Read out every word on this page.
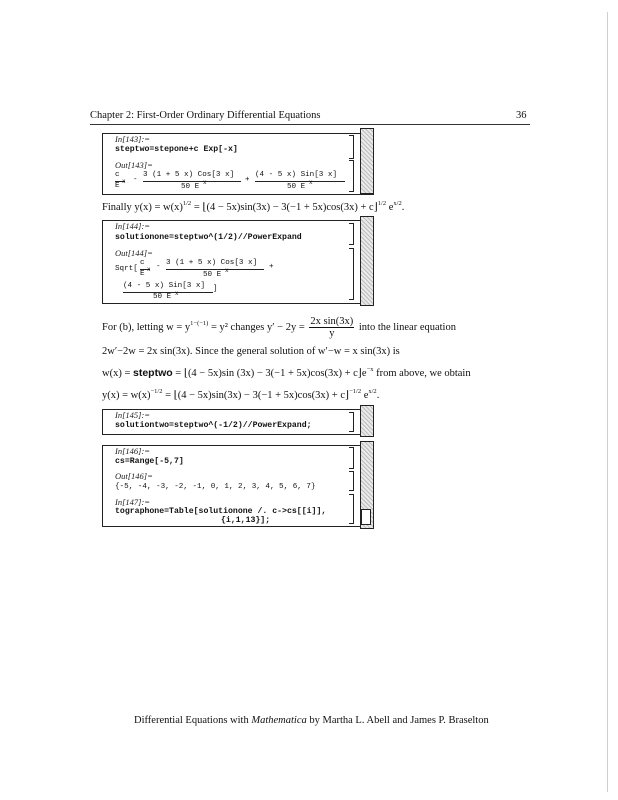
Chapter 2: First-Order Ordinary Differential Equations	36
In[143]:=
steptwo=stepone+c Exp[-x]
Out[143]=
c
E
x -
3 (1 + 5 x) Cos[3 x]
50 E
x	+
(4 - 5 x) Sin[3 x]
50 E
x
Finally $y(x) = w(x)^{1/2}$ = ⌊(4 − 5x)sin(3x) − 3(−1 + 5x)cos(3x) + c⌋$^{1/2}$ $e^{x/2}$.
In[144]:=
solutionone=steptwo^(1/2)//PowerExpand
Out[144]=
Sqrt[
c
E
x - 3 (1 + 5 x) Cos[3 x]
50 E
x	+
(4 - 5 x) Sin[3 x] ]
50 E x
For (b), letting $w = y^{1-(-1)} = y^2$ changes $y' - 2y = \frac{\text{2x sin(3x)}}{y}$ into the linear equation
2w′−2w = 2x sin(3x). Since the general solution of w′−w = x sin(3x) is
w(x) = steptwo = ⌊(4 − 5x)sin $(3x) - 3(-1 + 5x)\cos(3x) + c⌋e^{-x}$ from above, we obtain
$y(x) = w(x)^{-1/2}$ = ⌊(4 − 5x)sin(3x) − 3(−1 + 5x)cos(3x) + c⌋$^{-1/2}$ $e^{x/2}$.
In[145]:=
solutiontwo=steptwo^(-1/2)//PowerExpand;
In[146]:=
cs=Range[-5,7]
Out[146]=
{-5, -4, -3, -2, -1, 0, 1, 2, 3, 4, 5, 6, 7}
In[147]:=
tographone=Table[solutionone /. c->cs[[i]],
{i,1,13}];
Differential Equations with Mathematica by Martha L. Abell and James P. Braselton
